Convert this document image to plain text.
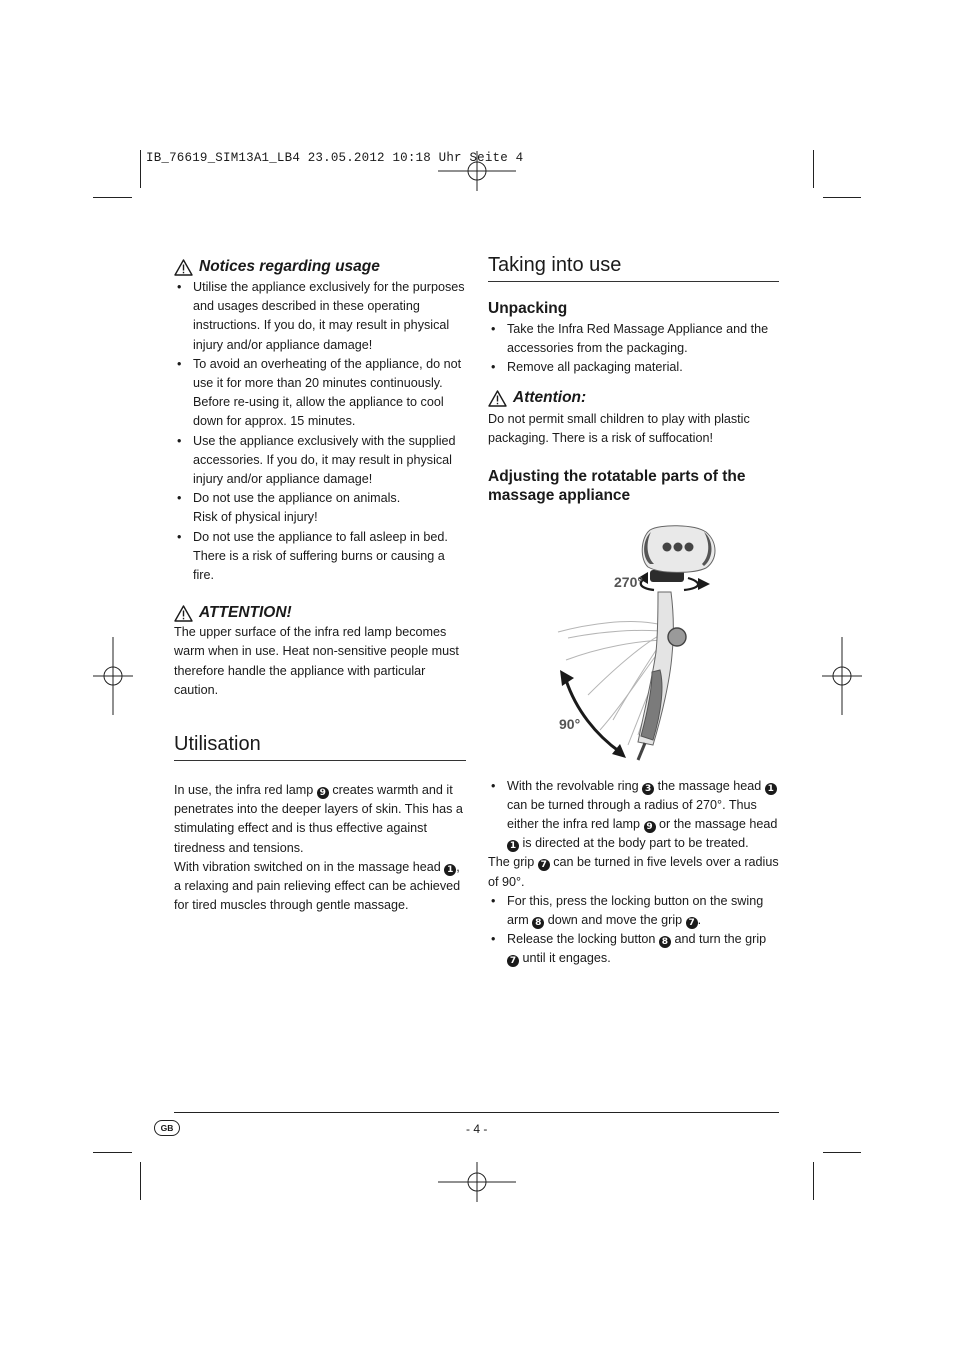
IB_76619_SIM13A1_LB4 23.05.2012 10:18 Uhr Seite 4
Notices regarding usage
• Utilise the appliance exclusively for the purposes and usages described in these operating instructions. If you do, it may result in physical injury and/or appliance damage!
• To avoid an overheating of the appliance, do not use it for more than 20 minutes continuously. Before re-using it, allow the appliance to cool down for approx. 15 minutes.
• Use the appliance exclusively with the supplied accessories. If you do, it may result in physical injury and/or appliance damage!
• Do not use the appliance on animals.
Risk of physical injury!
• Do not use the appliance to fall asleep in bed. There is a risk of suffering burns or causing a fire.
ATTENTION!

The upper surface of the infra red lamp becomes warm when in use. Heat non-sensitive people must therefore handle the appliance with particular caution.

Utilisation

In use, the infra red lamp 9 creates warmth and it penetrates into the deeper layers of skin. This has a stimulating effect and is thus effective against tiredness and tensions.

With vibration switched on in the massage head 1 , a relaxing and pain relieving effect can be achieved for tired muscles through gentle massage.

Taking into use
Unpacking
• Take the Infra Red Massage Appliance and the accessories from the packaging.
• Remove all packaging material.
Attention:

Do not permit small children to play with plastic packaging. There is a risk of suffocation!

Adjusting the rotatable parts of the massage appliance
270°
90°
• With the revolvable ring 3 the massage head 1 can be turned through a radius of 270°. Thus either the infra red lamp 9 or the massage head 1 is directed at the body part to be treated.

The grip 7 can be turned in five levels over a radius of 90°.

• For this, press the locking button on the swing arm 8 down and move the grip 7 .
• Release the locking button 8 and turn the grip 7 until it engages.
GB	- 4 -
